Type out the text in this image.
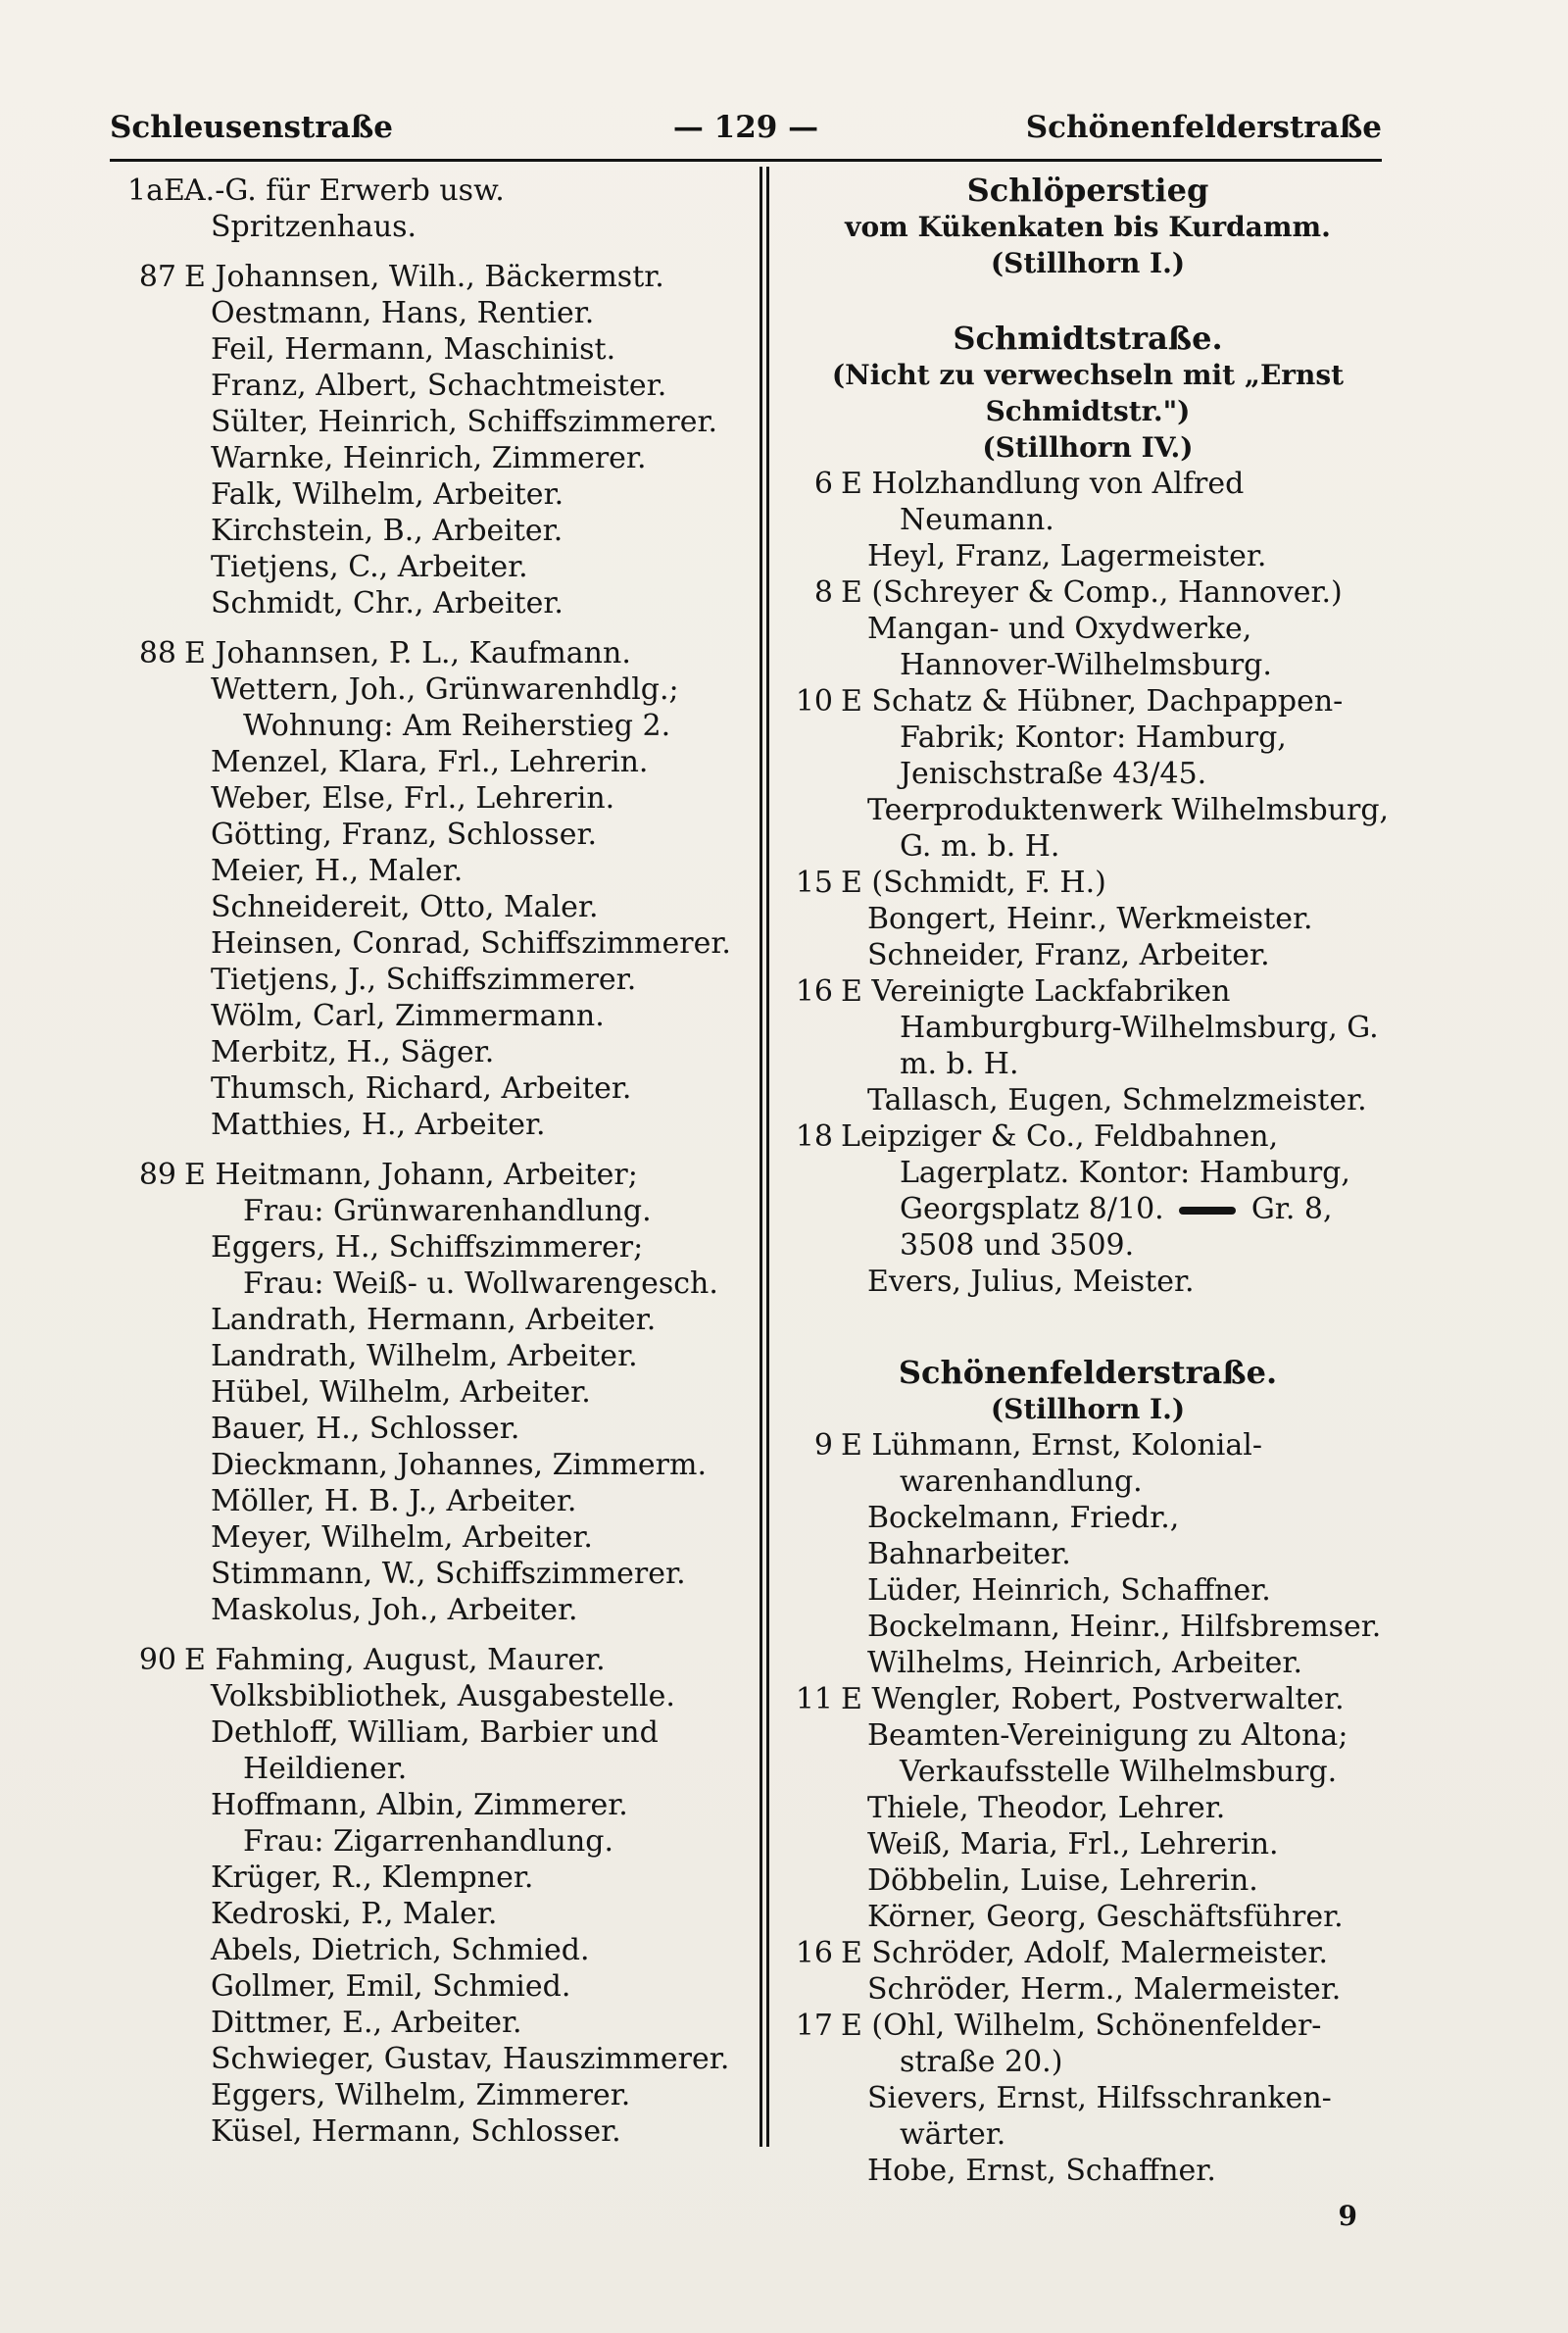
Schleusenstraße	— 129 —	Schönenfelderstraße
1aE A.-G. für Erwerb usw.
Spritzenhaus.
87 E Johannsen, Wilh., Bäckermstr.
Oestmann, Hans, Rentier.
Feil, Hermann, Maschinist.
Franz, Albert, Schachtmeister.
Sülter, Heinrich, Schiffszimmerer.
Warnke, Heinrich, Zimmerer.
Falk, Wilhelm, Arbeiter.
Kirchstein, B., Arbeiter.
Tietjens, C., Arbeiter.
Schmidt, Chr., Arbeiter.
88 E Johannsen, P. L., Kaufmann.
Wettern, Joh., Grünwarenhdlg.;
Wohnung: Am Reiherstieg 2.
Menzel, Klara, Frl., Lehrerin.
Weber, Else, Frl., Lehrerin.
Götting, Franz, Schlosser.
Meier, H., Maler.
Schneidereit, Otto, Maler.
Heinsen, Conrad, Schiffszimmerer.
Tietjens, J., Schiffszimmerer.
Wölm, Carl, Zimmermann.
Merbitz, H., Säger.
Thumsch, Richard, Arbeiter.
Matthies, H., Arbeiter.
89 E Heitmann, Johann, Arbeiter;
Frau: Grünwarenhandlung.
Eggers, H., Schiffszimmerer;
Frau: Weiß- u. Wollwarengesch.
Landrath, Hermann, Arbeiter.
Landrath, Wilhelm, Arbeiter.
Hübel, Wilhelm, Arbeiter.
Bauer, H., Schlosser.
Dieckmann, Johannes, Zimmerm.
Möller, H. B. J., Arbeiter.
Meyer, Wilhelm, Arbeiter.
Stimmann, W., Schiffszimmerer.
Maskolus, Joh., Arbeiter.
90 E Fahming, August, Maurer.
Volksbibliothek, Ausgabestelle.
Dethloff, William, Barbier und
Heildiener.
Hoffmann, Albin, Zimmerer.
Frau: Zigarrenhandlung.
Krüger, R., Klempner.
Kedroski, P., Maler.
Abels, Dietrich, Schmied.
Gollmer, Emil, Schmied.
Dittmer, E., Arbeiter.
Schwieger, Gustav, Hauszimmerer.
Eggers, Wilhelm, Zimmerer.
Küsel, Hermann, Schlosser.
Schlöperstieg
vom Kükenkaten bis Kurdamm.
(Stillhorn I.)
Schmidtstraße.
(Nicht zu verwechseln mit „Ernst Schmidtstr.")
(Stillhorn IV.)
6 E Holzhandlung von Alfred
Neumann.
Heyl, Franz, Lagermeister.
8 E (Schreyer & Comp., Hannover.)
Mangan- und Oxydwerke,
Hannover-Wilhelmsburg.
10 E Schatz & Hübner, Dachpappen-
Fabrik; Kontor: Hamburg,
Jenischstraße 43/45.
Teerproduktenwerk Wilhelmsburg,
G. m. b. H.
15 E (Schmidt, F. H.)
Bongert, Heinr., Werkmeister.
Schneider, Franz, Arbeiter.
16 E Vereinigte Lackfabriken
Hamburgburg-Wilhelmsburg, G.
m. b. H.
Tallasch, Eugen, Schmelzmeister.
18 Leipziger & Co., Feldbahnen,
Lagerplatz. Kontor: Hamburg,
Georgsplatz 8/10.	Gr. 8,
3508 und 3509.
Evers, Julius, Meister.
Schönenfelderstraße.
(Stillhorn I.)
9 E Lühmann, Ernst, Kolonial-
warenhandlung.
Bockelmann, Friedr., Bahnarbeiter.
Lüder, Heinrich, Schaffner.
Bockelmann, Heinr., Hilfsbremser.
Wilhelms, Heinrich, Arbeiter.
11 E Wengler, Robert, Postverwalter.
Beamten-Vereinigung zu Altona;
Verkaufsstelle Wilhelmsburg.
Thiele, Theodor, Lehrer.
Weiß, Maria, Frl., Lehrerin.
Döbbelin, Luise, Lehrerin.
Körner, Georg, Geschäftsführer.
16 E Schröder, Adolf, Malermeister.
Schröder, Herm., Malermeister.
17 E (Ohl, Wilhelm, Schönenfelder-
straße 20.)
Sievers, Ernst, Hilfsschranken-
wärter.
Hobe, Ernst, Schaffner.
9
